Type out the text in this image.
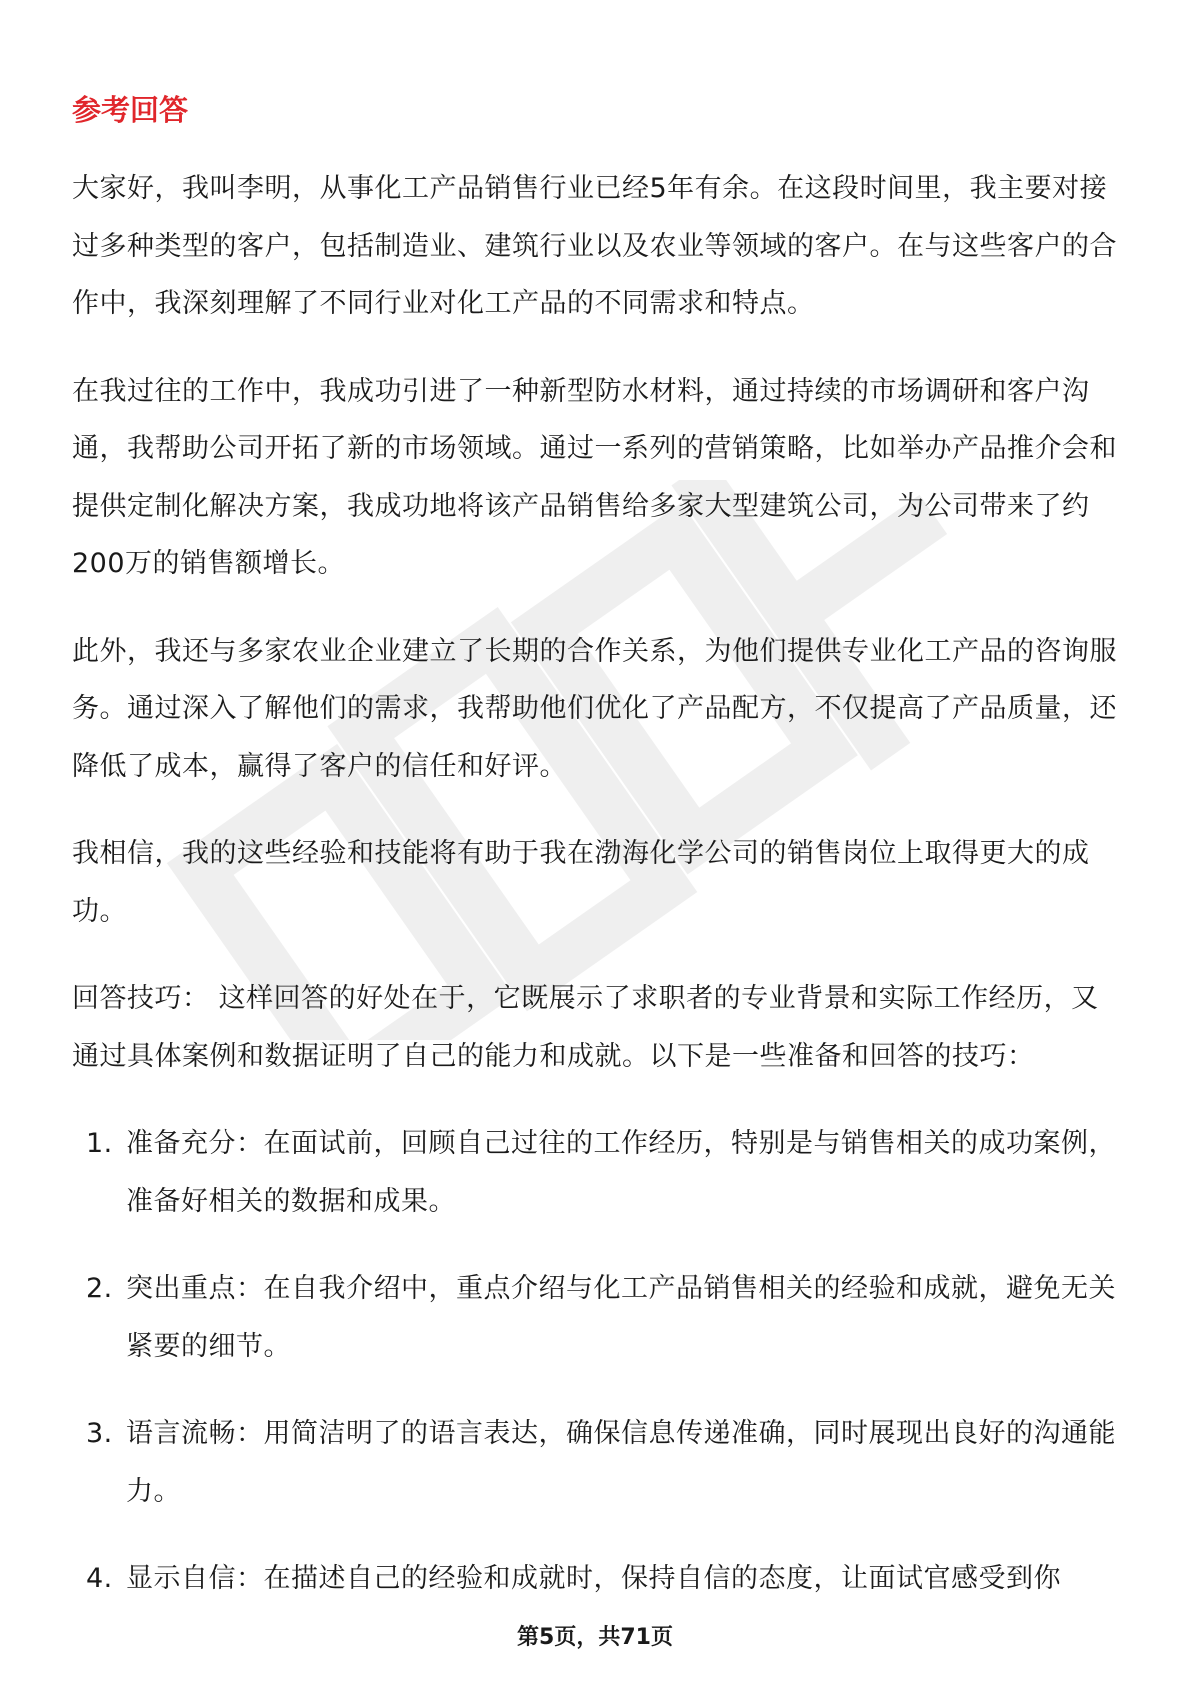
参考回答

大家好，我叫李明，从事化工产品销售行业已经5年有余。在这段时间里，我主要对接过多种类型的客户，包括制造业、建筑行业以及农业等领域的客户。在与这些客户的合作中，我深刻理解了不同行业对化工产品的不同需求和特点。

在我过往的工作中，我成功引进了一种新型防水材料，通过持续的市场调研和客户沟通，我帮助公司开拓了新的市场领域。通过一系列的营销策略，比如举办产品推介会和提供定制化解决方案，我成功地将该产品销售给多家大型建筑公司，为公司带来了约200万的销售额增长。

此外，我还与多家农业企业建立了长期的合作关系，为他们提供专业化工产品的咨询服务。通过深入了解他们的需求，我帮助他们优化了产品配方，不仅提高了产品质量，还降低了成本，赢得了客户的信任和好评。

我相信，我的这些经验和技能将有助于我在渤海化学公司的销售岗位上取得更大的成功。

回答技巧： 这样回答的好处在于，它既展示了求职者的专业背景和实际工作经历，又通过具体案例和数据证明了自己的能力和成就。以下是一些准备和回答的技巧：

1. 准备充分：在面试前，回顾自己过往的工作经历，特别是与销售相关的成功案例，准备好相关的数据和成果。
2. 突出重点：在自我介绍中，重点介绍与化工产品销售相关的经验和成就，避免无关紧要的细节。
3. 语言流畅：用简洁明了的语言表达，确保信息传递准确，同时展现出良好的沟通能力。
4. 显示自信：在描述自己的经验和成就时，保持自信的态度，让面试官感受到你
第5页，共71页
